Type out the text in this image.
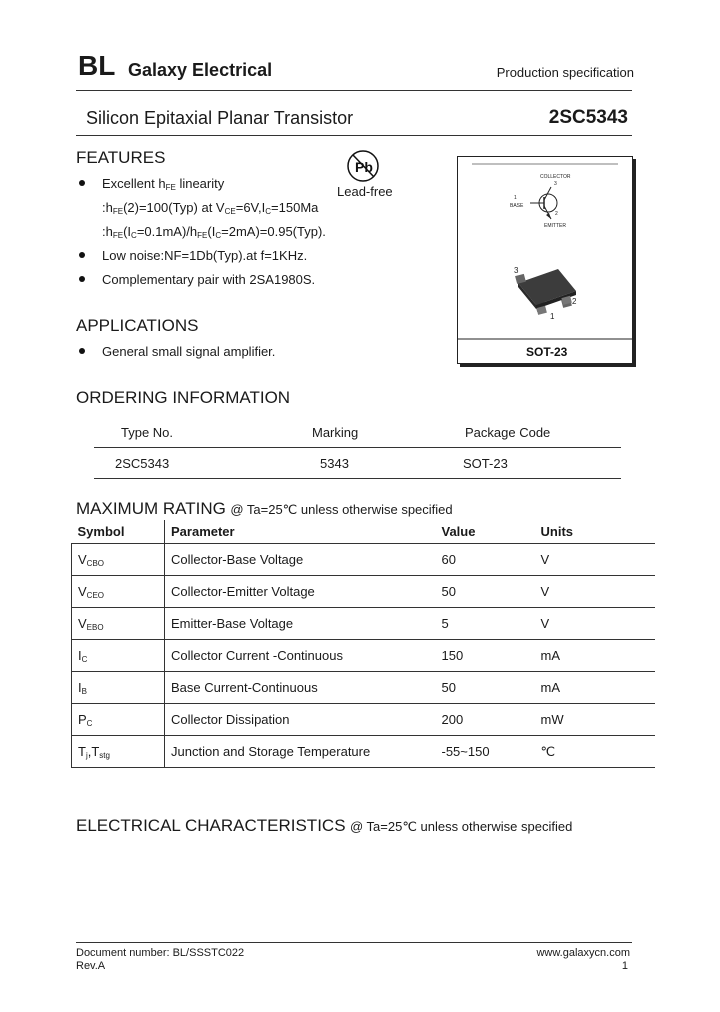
BL Galaxy Electrical	Production specification
Silicon Epitaxial Planar Transistor	2SC5343
FEATURES
Excellent $h_{FE}$ linearity
$:h_{FE}(2)=100(Typ)$ at $V_{CE}=6V,I_C=150Ma$
$:h_{FE}(I_C=0.1mA)/h_{FE}(I_C=2mA)=0.95(Typ)$.
Low noise:NF=1Db(Typ).at f=1KHz.
Complementary pair with 2SA1980S.
Pb
Lead-free
COLLECTOR
3
1
BASE
2
EMITTER
3
2
1
SOT-23
APPLICATIONS
General small signal amplifier.
ORDERING INFORMATION
Type No.	Marking	Package Code
2SC5343	5343	SOT-23
MAXIMUM RATING @ Ta=25℃ unless otherwise specified
Symbol	Parameter	Value	Units
$V_{CBO}$	Collector-Base Voltage	60	V
$V_{CEO}$	Collector-Emitter Voltage	50	V
$V_{EBO}$	Emitter-Base Voltage	5	V
$I_C$	Collector Current -Continuous	150	mA
$I_B$	Base Current-Continuous	50	mA
$P_C$	Collector Dissipation	200	mW
$T_j,T_{stg}$	Junction and Storage Temperature	-55~150	℃
ELECTRICAL CHARACTERISTICS @ Ta=25℃ unless otherwise specified
Document number: BL/SSSTC022
Rev.A
www.galaxycn.com
1
